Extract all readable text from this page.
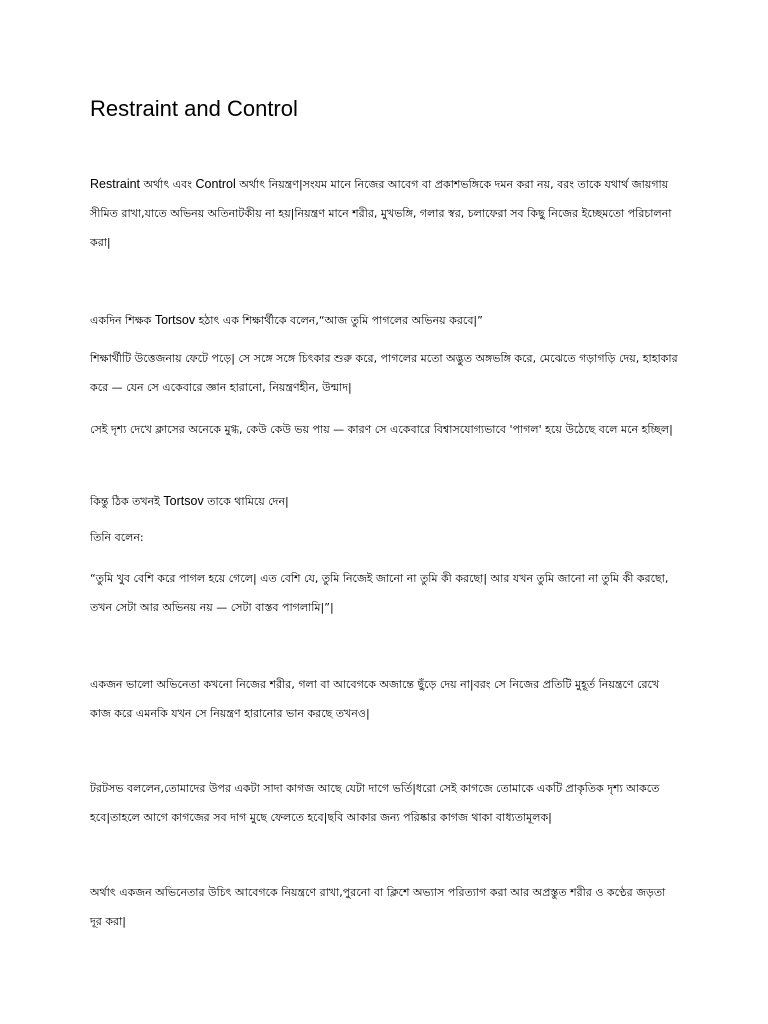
Restraint and Control

Restraint অর্থাৎ এবং Control অর্থাৎ নিয়ন্ত্রণ|সংযম মানে নিজের আবেগ বা প্রকাশভঙ্গিকে দমন করা নয়, বরং তাকে যথার্থ জায়গায় সীমিত রাখা,যাতে অভিনয় অতিনাটকীয় না হয়|নিয়ন্ত্রণ মানে শরীর, মুখভঙ্গি, গলার স্বর, চলাফেরা সব কিছু নিজের ইচ্ছেমতো পরিচালনা করা|

একদিন শিক্ষক Tortsov হঠাৎ এক শিক্ষার্থীকে বলেন,“আজ তুমি পাগলের অভিনয় করবে|”

শিক্ষার্থীটি উত্তেজনায় ফেটে পড়ে| সে সঙ্গে সঙ্গে চিৎকার শুরু করে, পাগলের মতো অদ্ভুত অঙ্গভঙ্গি করে, মেঝেতে গড়াগড়ি দেয়, হাহাকার করে — যেন সে একেবারে জ্ঞান হারানো, নিয়ন্ত্রণহীন, উন্মাদ|

সেই দৃশ্য দেখে ক্লাসের অনেকে মুগ্ধ, কেউ কেউ ভয় পায় — কারণ সে একেবারে বিশ্বাসযোগ্যভাবে 'পাগল' হয়ে উঠেছে বলে মনে হচ্ছিল|

কিন্তু ঠিক তখনই Tortsov তাকে থামিয়ে দেন|

তিনি বলেন:

“তুমি খুব বেশি করে পাগল হয়ে গেলে| এত বেশি যে, তুমি নিজেই জানো না তুমি কী করছো| আর যখন তুমি জানো না তুমি কী করছো, তখন সেটা আর অভিনয় নয় — সেটা বাস্তব পাগলামি|”|

একজন ভালো অভিনেতা কখনো নিজের শরীর, গলা বা আবেগকে অজান্তে ছুঁড়ে দেয় না|বরং সে নিজের প্রতিটি মুহূর্ত নিয়ন্ত্রণে রেখে কাজ করে এমনকি যখন সে নিয়ন্ত্রণ হারানোর ভান করছে তখনও|

টরটসভ বললেন,তোমাদের উপর একটা সাদা কাগজ আছে যেটা দাগে ভর্তি|ধরো সেই কাগজে তোমাকে একটি প্রাকৃতিক দৃশ্য আকতে হবে|তাহলে আগে কাগজের সব দাগ মুছে ফেলতে হবে|ছবি আকার জন্য পরিষ্কার কাগজ থাকা বাধ্যতামূলক|

অর্থাৎ একজন অভিনেতার উচিৎ আবেগকে নিয়ন্ত্রণে রাখা,পুরনো বা ক্লিশে অভ্যাস পরিত্যাগ করা আর অপ্রস্তুত শরীর ও কণ্ঠের জড়তা দূর করা|
